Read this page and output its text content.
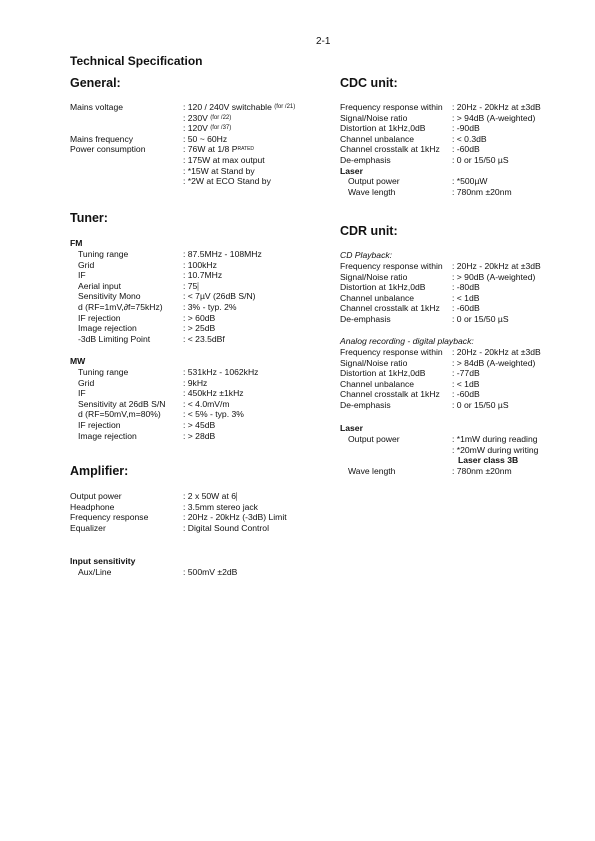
2-1
Technical Specification
General:
Mains voltage	: 120 / 240V switchable
(for /21)
: 230V
(for /22)
: 120V
(for /37)
Mains frequency	: 50 ~ 60Hz
Power consumption	: 76W at 1/8 P RATED
: 175W at max output
: *15W at Stand by
: *2W at ECO Stand by
Tuner:
FM
Tuning range	: 87.5MHz - 108MHz
Grid	: 100kHz
IF	: 10.7MHz
Aerial input	: 75⎸
Sensitivity Mono	: < 7µV (26dB S/N)
d (RF=1mV,∂f=75kHz)	: 3% - typ. 2%
IF rejection	: > 60dB
Image rejection	: > 25dB
-3dB Limiting Point	: < 23.5dBf
MW
Tuning range	: 531kHz - 1062kHz
Grid	: 9kHz
IF	: 450kHz ±1kHz
Sensitivity at 26dB S/N	: < 4.0mV/m
d (RF=50mV,m=80%)	: < 5% - typ. 3%
IF rejection	: > 45dB
Image rejection	: > 28dB
Amplifier:
Output power	: 2 x 50W at 6⎸
Headphone	: 3.5mm stereo jack
Frequency response	: 20Hz - 20kHz (-3dB) Limit
Equalizer	: Digital Sound Control
Input sensitivity
Aux/Line	: 500mV ±2dB
CDC unit:
Frequency response within	: 20Hz - 20kHz at ±3dB
Signal/Noise ratio	: > 94dB (A-weighted)
Distortion at 1kHz,0dB	: -90dB
Channel unbalance	: < 0.3dB
Channel crosstalk at 1kHz	: -60dB
De-emphasis	: 0 or 15/50 µS
Laser
Output power	: *500µW
Wave length	: 780nm ±20nm
CDR unit:
CD Playback:
Frequency response within	: 20Hz - 20kHz at ±3dB
Signal/Noise ratio	: > 90dB (A-weighted)
Distortion at 1kHz,0dB	: -80dB
Channel unbalance	: < 1dB
Channel crosstalk at 1kHz	: -60dB
De-emphasis	: 0 or 15/50 µS
Analog recording - digital playback:
Frequency response within	: 20Hz - 20kHz at ±3dB
Signal/Noise ratio	: > 84dB (A-weighted)
Distortion at 1kHz,0dB	: -77dB
Channel unbalance	: < 1dB
Channel crosstalk at 1kHz	: -60dB
De-emphasis	: 0 or 15/50 µS
Laser
Output power	: *1mW during reading
: *20mW during writing
Laser class 3B
Wave length	: 780nm ±20nm
